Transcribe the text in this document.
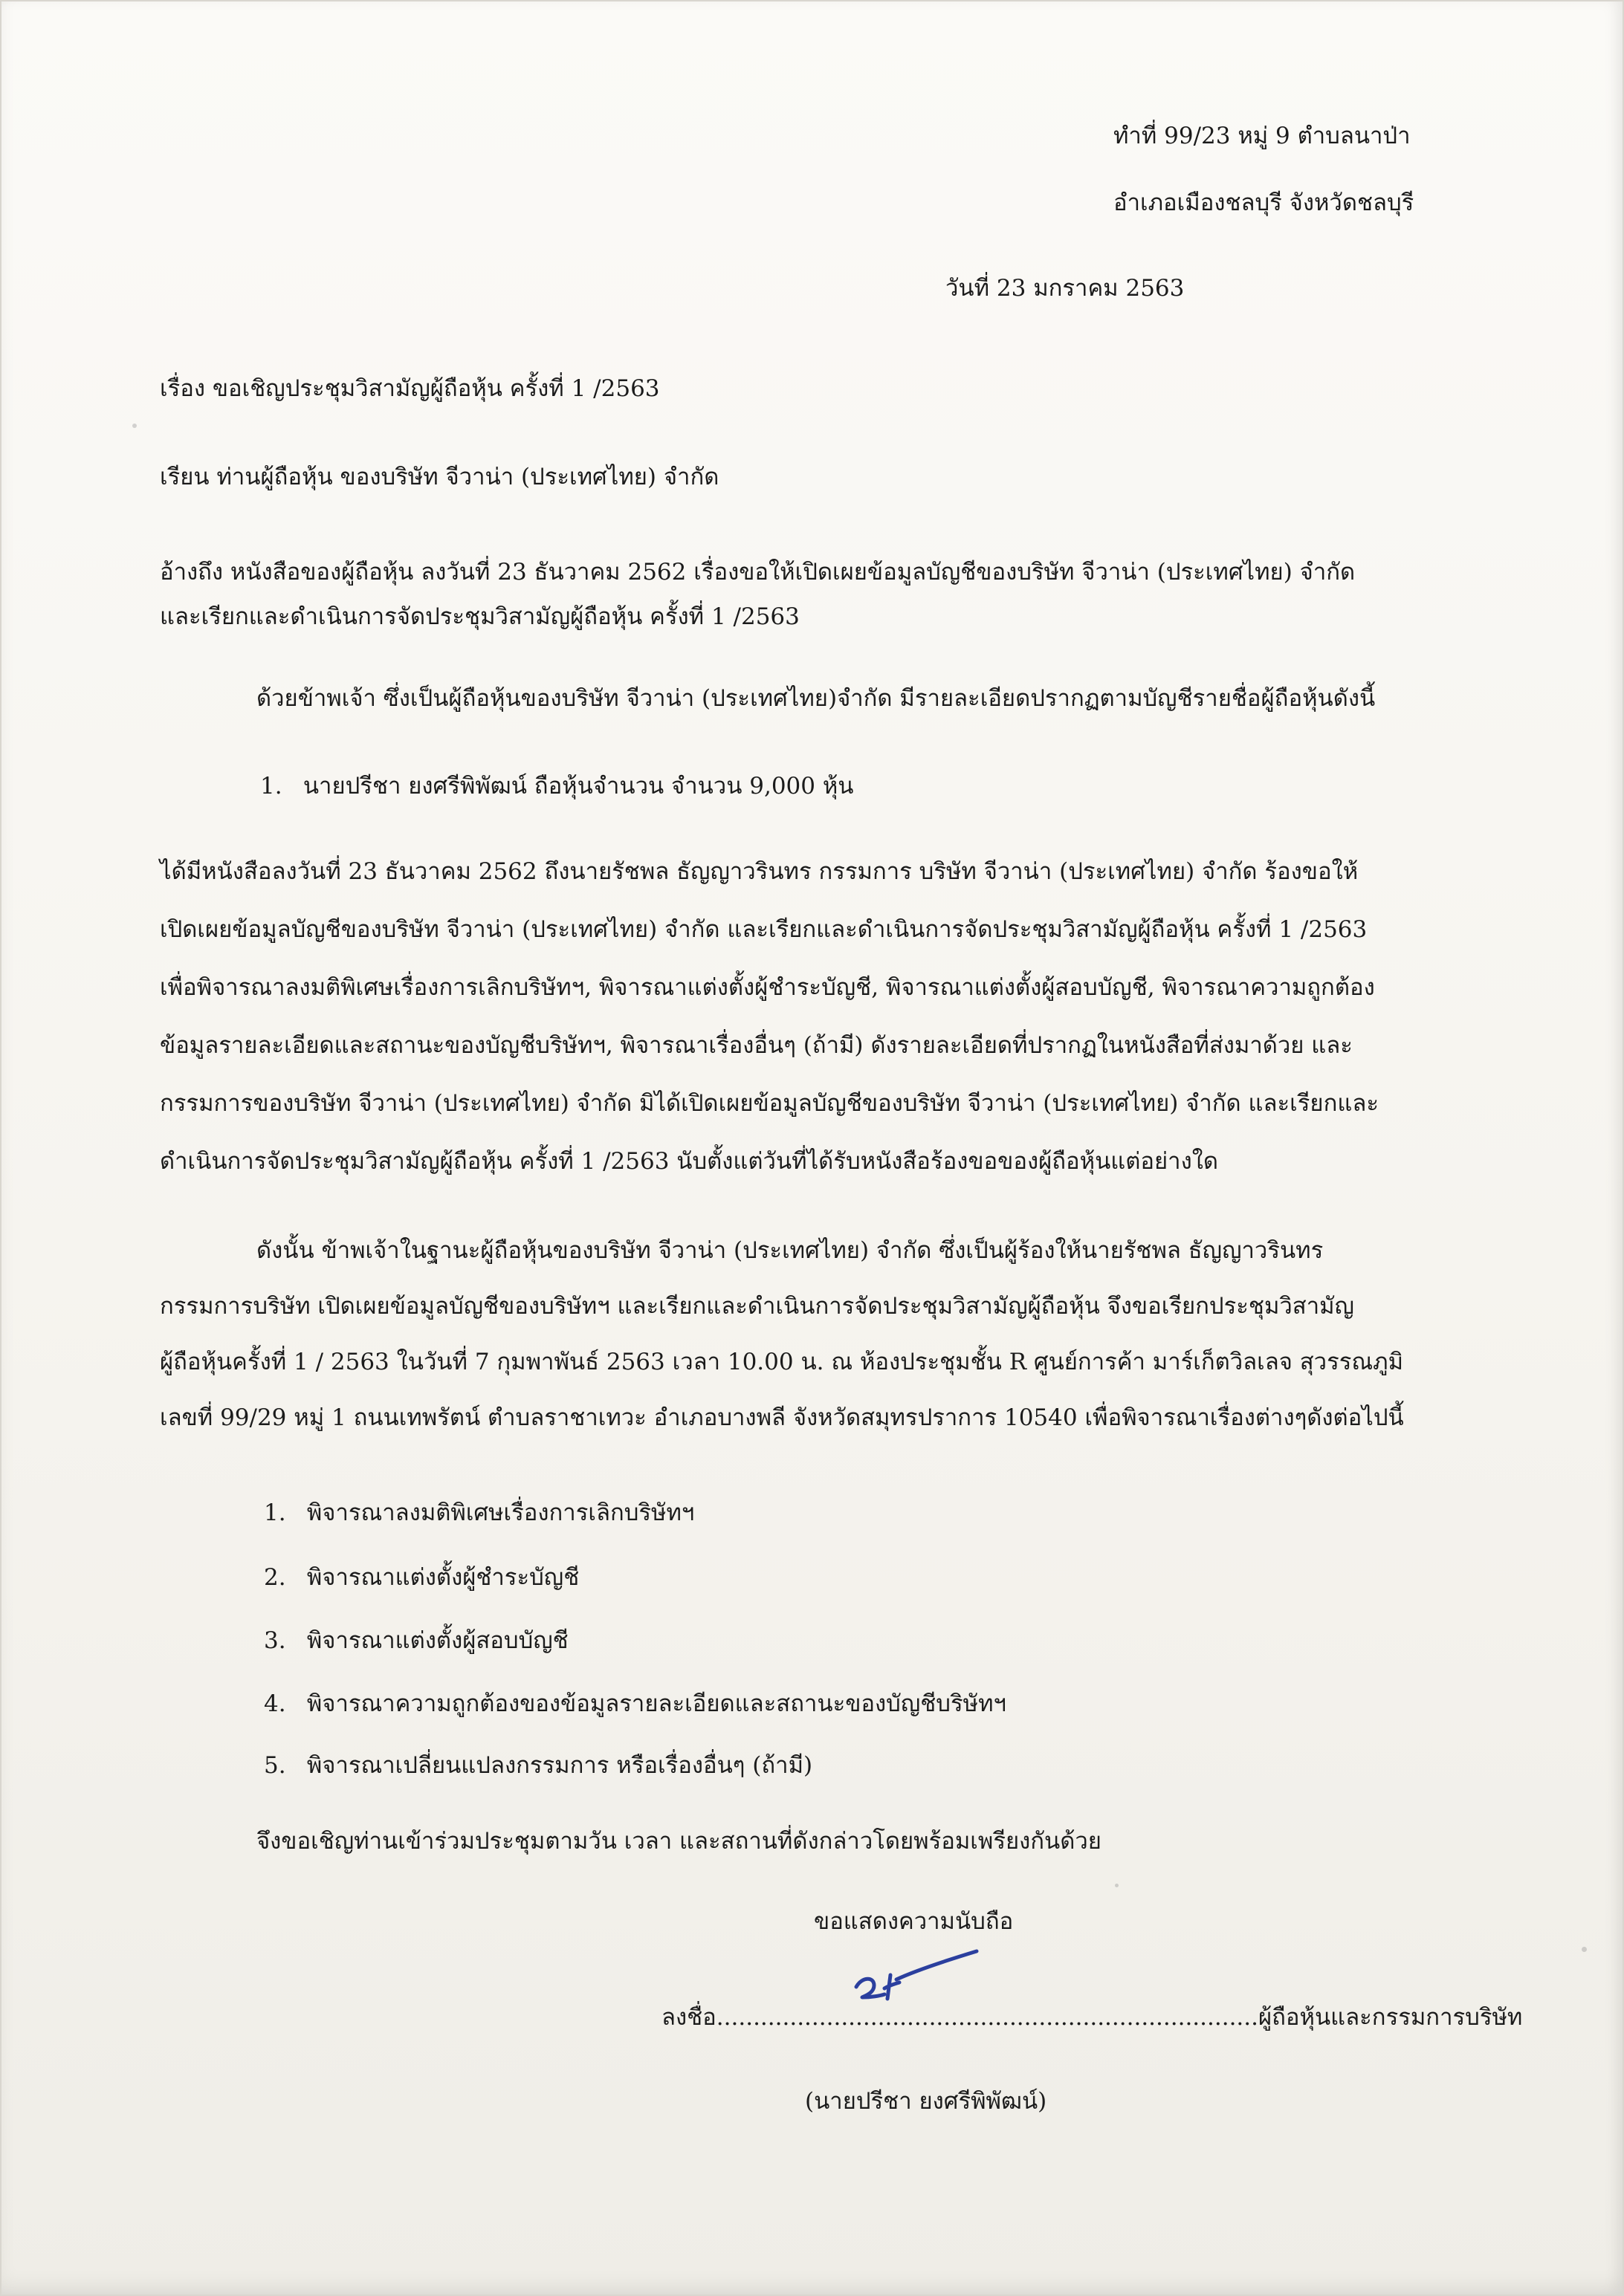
ทำที่ 99/23 หมู่ 9 ตำบลนาป่า
อำเภอเมืองชลบุรี จังหวัดชลบุรี
วันที่ 23 มกราคม 2563
เรื่อง ขอเชิญประชุมวิสามัญผู้ถือหุ้น ครั้งที่ 1 /2563
เรียน ท่านผู้ถือหุ้น ของบริษัท จีวาน่า (ประเทศไทย) จำกัด
อ้างถึง หนังสือของผู้ถือหุ้น ลงวันที่ 23 ธันวาคม 2562 เรื่องขอให้เปิดเผยข้อมูลบัญชีของบริษัท จีวาน่า (ประเทศไทย) จำกัด
และเรียกและดำเนินการจัดประชุมวิสามัญผู้ถือหุ้น ครั้งที่ 1 /2563
ด้วยข้าพเจ้า ซึ่งเป็นผู้ถือหุ้นของบริษัท จีวาน่า (ประเทศไทย)จำกัด มีรายละเอียดปรากฏตามบัญชีรายชื่อผู้ถือหุ้นดังนี้
1. นายปรีชา ยงศรีพิพัฒน์ ถือหุ้นจำนวน จำนวน 9,000 หุ้น
ได้มีหนังสือลงวันที่ 23 ธันวาคม 2562 ถึงนายรัชพล ธัญญาวรินทร กรรมการ บริษัท จีวาน่า (ประเทศไทย) จำกัด ร้องขอให้
เปิดเผยข้อมูลบัญชีของบริษัท จีวาน่า (ประเทศไทย) จำกัด และเรียกและดำเนินการจัดประชุมวิสามัญผู้ถือหุ้น ครั้งที่ 1 /2563
เพื่อพิจารณาลงมติพิเศษเรื่องการเลิกบริษัทฯ, พิจารณาแต่งตั้งผู้ชำระบัญชี, พิจารณาแต่งตั้งผู้สอบบัญชี, พิจารณาความถูกต้อง
ข้อมูลรายละเอียดและสถานะของบัญชีบริษัทฯ, พิจารณาเรื่องอื่นๆ (ถ้ามี) ดังรายละเอียดที่ปรากฏในหนังสือที่ส่งมาด้วย และ
กรรมการของบริษัท จีวาน่า (ประเทศไทย) จำกัด มิได้เปิดเผยข้อมูลบัญชีของบริษัท จีวาน่า (ประเทศไทย) จำกัด และเรียกและ
ดำเนินการจัดประชุมวิสามัญผู้ถือหุ้น ครั้งที่ 1 /2563 นับตั้งแต่วันที่ได้รับหนังสือร้องขอของผู้ถือหุ้นแต่อย่างใด
ดังนั้น ข้าพเจ้าในฐานะผู้ถือหุ้นของบริษัท จีวาน่า (ประเทศไทย) จำกัด ซึ่งเป็นผู้ร้องให้นายรัชพล ธัญญาวรินทร
กรรมการบริษัท เปิดเผยข้อมูลบัญชีของบริษัทฯ และเรียกและดำเนินการจัดประชุมวิสามัญผู้ถือหุ้น จึงขอเรียกประชุมวิสามัญ
ผู้ถือหุ้นครั้งที่ 1 / 2563 ในวันที่ 7 กุมพาพันธ์ 2563 เวลา 10.00 น. ณ ห้องประชุมชั้น R ศูนย์การค้า มาร์เก็ตวิลเลจ สุวรรณภูมิ
เลขที่ 99/29 หมู่ 1 ถนนเทพรัตน์ ตำบลราชาเทวะ อำเภอบางพลี จังหวัดสมุทรปราการ 10540 เพื่อพิจารณาเรื่องต่างๆดังต่อไปนี้
1. พิจารณาลงมติพิเศษเรื่องการเลิกบริษัทฯ
2. พิจารณาแต่งตั้งผู้ชำระบัญชี
3. พิจารณาแต่งตั้งผู้สอบบัญชี
4. พิจารณาความถูกต้องของข้อมูลรายละเอียดและสถานะของบัญชีบริษัทฯ
5. พิจารณาเปลี่ยนแปลงกรรมการ หรือเรื่องอื่นๆ (ถ้ามี)
จึงขอเชิญท่านเข้าร่วมประชุมตามวัน เวลา และสถานที่ดังกล่าวโดยพร้อมเพรียงกันด้วย
ขอแสดงความนับถือ
ลงชื่อ..........................................................................ผู้ถือหุ้นและกรรมการบริษัท
(นายปรีชา ยงศรีพิพัฒน์)
